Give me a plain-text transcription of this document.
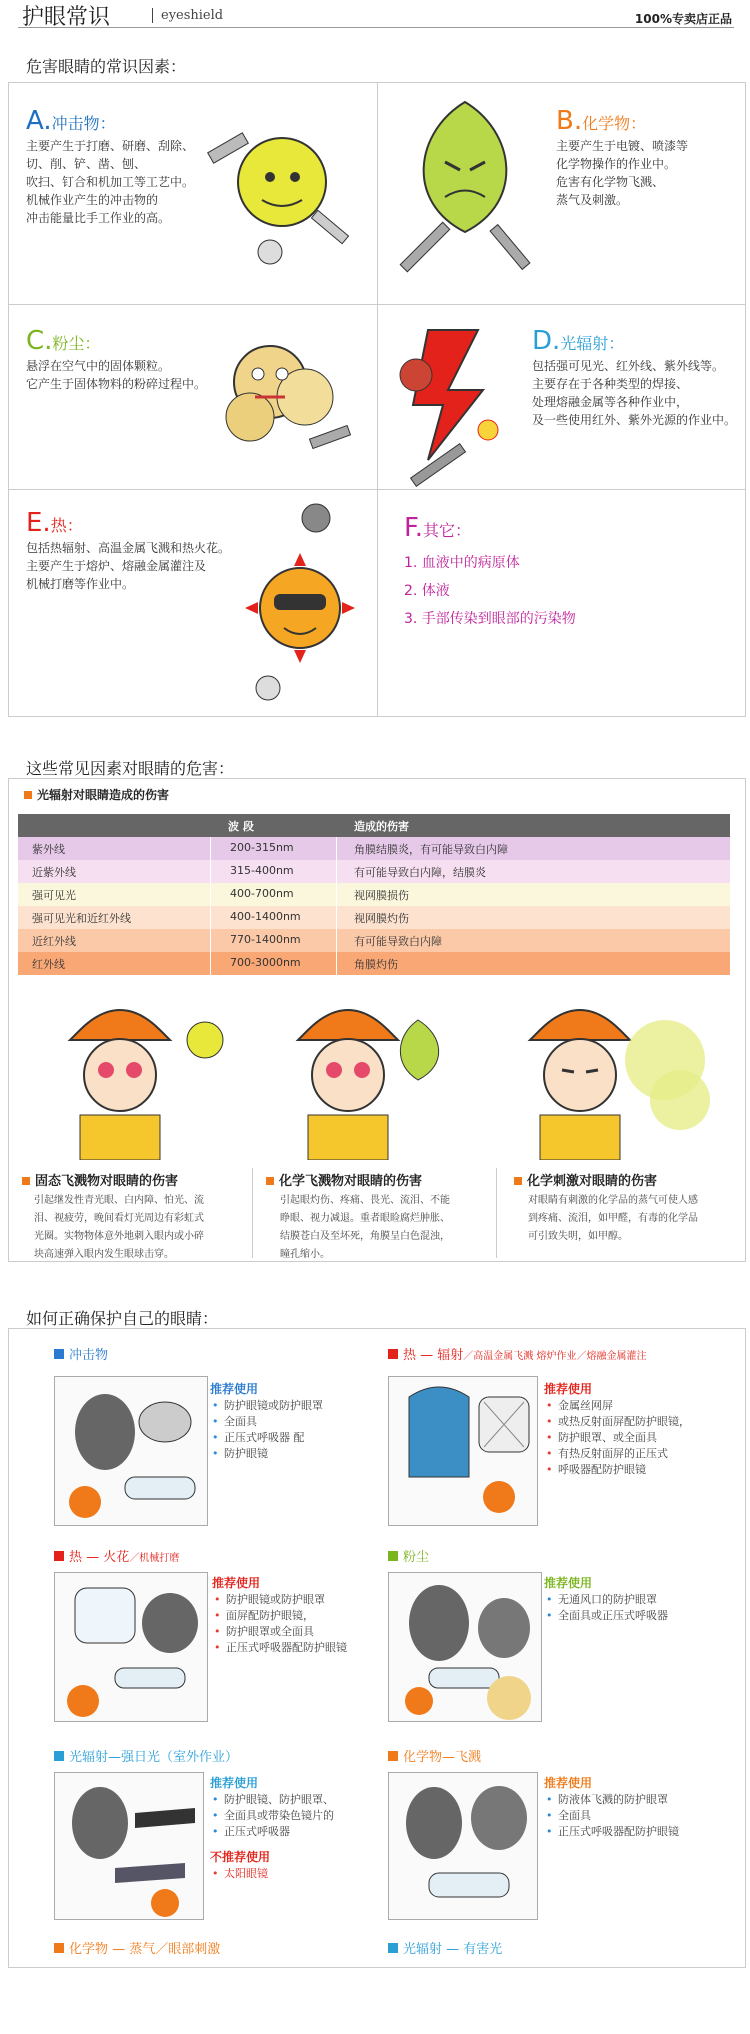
护眼常识	eyeshield	100%专卖店正品
危害眼睛的常识因素：
A.冲击物：
主要产生于打磨、研磨、刮除、
切、削、铲、凿、刨、
吹扫、钉合和机加工等工艺中。
机械作业产生的冲击物的
冲击能量比手工作业的高。
B.化学物：
主要产生于电镀、喷漆等
化学物操作的作业中。
危害有化学物飞溅、
蒸气及刺激。
C.粉尘：
悬浮在空气中的固体颗粒。
它产生于固体物料的粉碎过程中。
D.光辐射：
包括强可见光、红外线、紫外线等。
主要存在于各种类型的焊接、
处理熔融金属等各种作业中，
及一些使用红外、紫外光源的作业中。
E.热：
包括热辐射、高温金属飞溅和热火花。
主要产生于熔炉、熔融金属灌注及
机械打磨等作业中。
F.其它：
1. 血液中的病原体
2. 体液
3. 手部传染到眼部的污染物
这些常见因素对眼睛的危害：
光辐射对眼睛造成的伤害
波 段	造成的伤害
紫外线	200-315nm	角膜结膜炎，有可能导致白内障
近紫外线	315-400nm	有可能导致白内障，结膜炎
强可见光	400-700nm	视网膜损伤
强可见光和近红外线	400-1400nm	视网膜灼伤
近红外线	770-1400nm	有可能导致白内障
红外线	700-3000nm	角膜灼伤
固态飞溅物对眼睛的伤害
引起继发性青光眼、白内障、怕光、流
泪、视疲劳，晚间看灯光周边有彩虹式
光圈。实物物体意外地刺入眼内或小碎
块高速弹入眼内发生眼球击穿。
化学飞溅物对眼睛的伤害
引起眼灼伤、疼痛、畏光、流泪、不能
睁眼、视力减退。重者眼睑腐烂肿胀、
结膜苍白及至坏死，角膜呈白色混浊，
瞳孔缩小。
化学刺激对眼睛的伤害
对眼睛有刺激的化学品的蒸气可使人感
到疼痛、流泪，如甲醛，有毒的化学品
可引致失明，如甲醇。
如何正确保护自己的眼睛：
冲击物
推荐使用
• 防护眼镜或防护眼罩
• 全面具
• 正压式呼吸器 配
• 防护眼镜
热 — 辐射／高温金属飞溅 熔炉作业／熔融金属灌注
推荐使用
• 金属丝网屏
• 或热反射面屏配防护眼镜，
• 防护眼罩、或全面具
• 有热反射面屏的正压式
• 呼吸器配防护眼镜
热 — 火花／机械打磨
推荐使用
• 防护眼镜或防护眼罩
• 面屏配防护眼镜，
• 防护眼罩或全面具
• 正压式呼吸器配防护眼镜
粉尘
推荐使用
• 无通风口的防护眼罩
• 全面具或正压式呼吸器
光辐射—强日光（室外作业）
推荐使用
• 防护眼镜、防护眼罩、
• 全面具或带染色镜片的
• 正压式呼吸器
不推荐使用
• 太阳眼镜
化学物—飞溅
推荐使用
• 防液体飞溅的防护眼罩
• 全面具
• 正压式呼吸器配防护眼镜
化学物 — 蒸气／眼部刺激	光辐射 — 有害光
